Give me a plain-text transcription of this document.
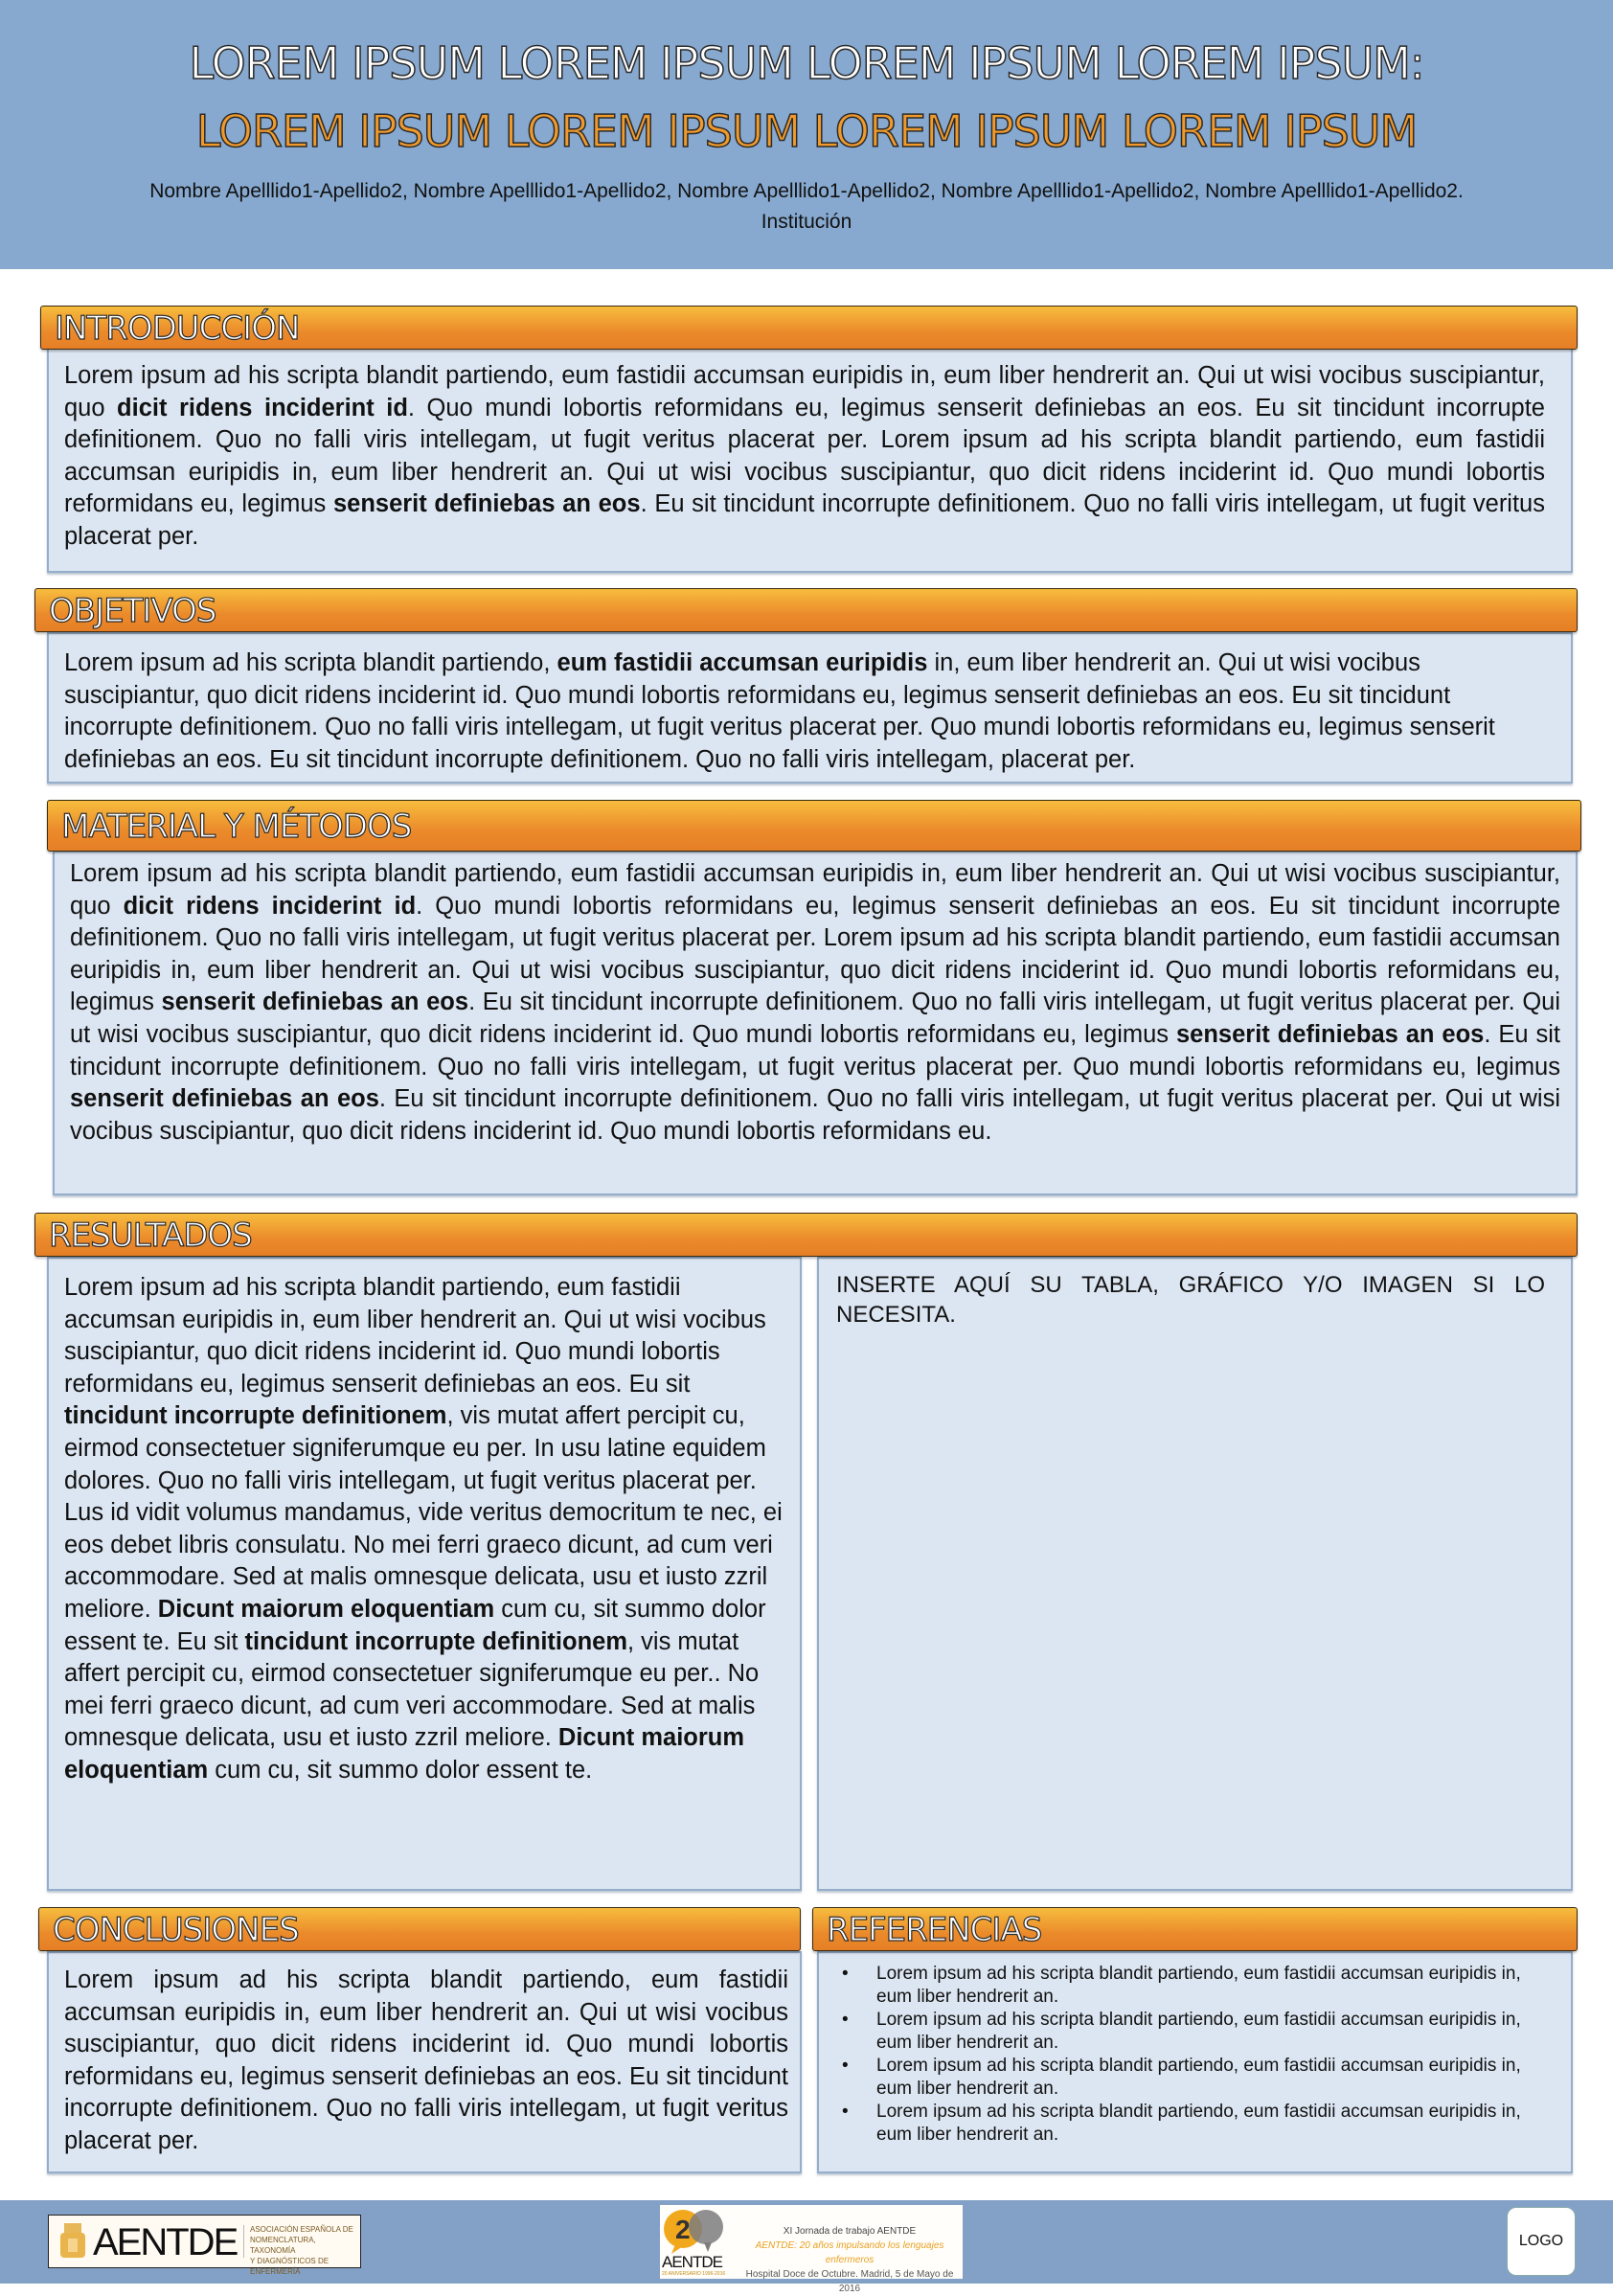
LOREM IPSUM LOREM IPSUM LOREM IPSUM LOREM IPSUM:
LOREM IPSUM LOREM IPSUM LOREM IPSUM LOREM IPSUM
Nombre Apelllido1-Apellido2, Nombre Apelllido1-Apellido2, Nombre Apelllido1-Apellido2, Nombre Apelllido1-Apellido2, Nombre Apelllido1-Apellido2.
Institución
Lorem ipsum ad his scripta blandit partiendo, eum fastidii accumsan euripidis in, eum liber hendrerit an. Qui ut wisi vocibus suscipiantur, quo dicit ridens inciderint id. Quo mundi lobortis reformidans eu, legimus senserit definiebas an eos. Eu sit tincidunt incorrupte definitionem. Quo no falli viris intellegam, ut fugit veritus placerat per. Lorem ipsum ad his scripta blandit partiendo, eum fastidii accumsan euripidis in, eum liber hendrerit an. Qui ut wisi vocibus suscipiantur, quo dicit ridens inciderint id. Quo mundi lobortis reformidans eu, legimus senserit definiebas an eos. Eu sit tincidunt incorrupte definitionem. Quo no falli viris intellegam, ut fugit veritus placerat per.
INTRODUCCIÓN
Lorem ipsum ad his scripta blandit partiendo, eum fastidii accumsan euripidis in, eum liber hendrerit an. Qui ut wisi vocibus suscipiantur, quo dicit ridens inciderint id. Quo mundi lobortis reformidans eu, legimus senserit definiebas an eos. Eu sit tincidunt incorrupte definitionem. Quo no falli viris intellegam, ut fugit veritus placerat per. Quo mundi lobortis reformidans eu, legimus senserit definiebas an eos. Eu sit tincidunt incorrupte definitionem. Quo no falli viris intellegam, placerat per.
OBJETIVOS
Lorem ipsum ad his scripta blandit partiendo, eum fastidii accumsan euripidis in, eum liber hendrerit an. Qui ut wisi vocibus suscipiantur, quo dicit ridens inciderint id. Quo mundi lobortis reformidans eu, legimus senserit definiebas an eos. Eu sit tincidunt incorrupte definitionem. Quo no falli viris intellegam, ut fugit veritus placerat per. Lorem ipsum ad his scripta blandit partiendo, eum fastidii accumsan euripidis in, eum liber hendrerit an. Qui ut wisi vocibus suscipiantur, quo dicit ridens inciderint id. Quo mundi lobortis reformidans eu, legimus senserit definiebas an eos. Eu sit tincidunt incorrupte definitionem. Quo no falli viris intellegam, ut fugit veritus placerat per. Qui ut wisi vocibus suscipiantur, quo dicit ridens inciderint id. Quo mundi lobortis reformidans eu, legimus senserit definiebas an eos. Eu sit tincidunt incorrupte definitionem. Quo no falli viris intellegam, ut fugit veritus placerat per. Quo mundi lobortis reformidans eu, legimus senserit definiebas an eos. Eu sit tincidunt incorrupte definitionem. Quo no falli viris intellegam, ut fugit veritus placerat per. Qui ut wisi vocibus suscipiantur, quo dicit ridens inciderint id. Quo mundi lobortis reformidans eu.
MATERIAL Y MÉTODOS
Lorem ipsum ad his scripta blandit partiendo, eum fastidii accumsan euripidis in, eum liber hendrerit an. Qui ut wisi vocibus suscipiantur, quo dicit ridens inciderint id. Quo mundi lobortis reformidans eu, legimus senserit definiebas an eos. Eu sit tincidunt incorrupte definitionem, vis mutat affert percipit cu, eirmod consectetuer signiferumque eu per. In usu latine equidem dolores. Quo no falli viris intellegam, ut fugit veritus placerat per. Lus id vidit volumus mandamus, vide veritus democritum te nec, ei eos debet libris consulatu. No mei ferri graeco dicunt, ad cum veri accommodare. Sed at malis omnesque delicata, usu et iusto zzril meliore. Dicunt maiorum eloquentiam cum cu, sit summo dolor essent te. Eu sit tincidunt incorrupte definitionem, vis mutat affert percipit cu, eirmod consectetuer signiferumque eu per.. No mei ferri graeco dicunt, ad cum veri accommodare. Sed at malis omnesque delicata, usu et iusto zzril meliore. Dicunt maiorum eloquentiam cum cu, sit summo dolor essent te.
INSERTE AQUÍ SU TABLA, GRÁFICO Y/O IMAGEN SI LO NECESITA.
RESULTADOS
Lorem ipsum ad his scripta blandit partiendo, eum fastidii accumsan euripidis in, eum liber hendrerit an. Qui ut wisi vocibus suscipiantur, quo dicit ridens inciderint id. Quo mundi lobortis reformidans eu, legimus senserit definiebas an eos. Eu sit tincidunt incorrupte definitionem. Quo no falli viris intellegam, ut fugit veritus placerat per.
CONCLUSIONES
• Lorem ipsum ad his scripta blandit partiendo, eum fastidii accumsan euripidis in, eum liber hendrerit an.
• Lorem ipsum ad his scripta blandit partiendo, eum fastidii accumsan euripidis in, eum liber hendrerit an.
• Lorem ipsum ad his scripta blandit partiendo, eum fastidii accumsan euripidis in, eum liber hendrerit an.
• Lorem ipsum ad his scripta blandit partiendo, eum fastidii accumsan euripidis in, eum liber hendrerit an.
REFERENCIAS
AENTDE ASOCIACIÓN ESPAÑOLA DE
NOMENCLATURA, TAXONOMÍA
Y DIAGNÓSTICOS DE ENFERMERÍA
2
AENTDE
20 ANIVERSARIO 1996-2016
XI Jornada de trabajo AENTDE
AENTDE: 20 años impulsando los lenguajes enfermeros
Hospital Doce de Octubre. Madrid, 5 de Mayo de 2016
LOGO
